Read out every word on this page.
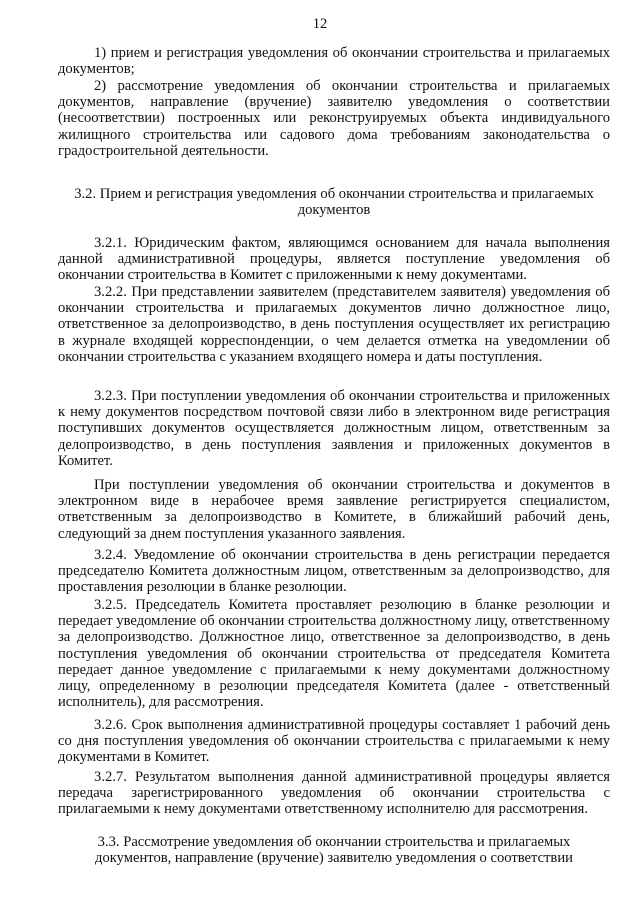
12
1) прием и регистрация уведомления об окончании строительства и прилагаемых документов;
2) рассмотрение уведомления об окончании строительства и прилагаемых документов, направление (вручение) заявителю уведомления о соответствии (несоответствии) построенных или реконструируемых объекта индивидуального жилищного строительства или садового дома требованиям законодательства о градостроительной деятельности.
3.2. Прием и регистрация уведомления об окончании строительства и прилагаемых документов
3.2.1. Юридическим фактом, являющимся основанием для начала выполнения данной административной процедуры, является поступление уведомления об окончании строительства в Комитет с приложенными к нему документами.
3.2.2. При представлении заявителем (представителем заявителя) уведомления об окончании строительства и прилагаемых документов лично должностное лицо, ответственное за делопроизводство, в день поступления осуществляет их регистрацию в журнале входящей корреспонденции, о чем делается отметка на уведомлении об окончании строительства с указанием входящего номера и даты поступления.
3.2.3. При поступлении уведомления об окончании строительства и приложенных к нему документов посредством почтовой связи либо в электронном виде регистрация поступивших документов осуществляется должностным лицом, ответственным за делопроизводство, в день поступления заявления и приложенных документов в Комитет.
При поступлении уведомления об окончании строительства и документов в электронном виде в нерабочее время заявление регистрируется специалистом, ответственным за делопроизводство в Комитете, в ближайший рабочий день, следующий за днем поступления указанного заявления.
3.2.4. Уведомление об окончании строительства в день регистрации передается председателю Комитета должностным лицом, ответственным за делопроизводство, для проставления резолюции в бланке резолюции.
3.2.5. Председатель Комитета проставляет резолюцию в бланке резолюции и передает уведомление об окончании строительства должностному лицу, ответственному за делопроизводство. Должностное лицо, ответственное за делопроизводство, в день поступления уведомления об окончании строительства от председателя Комитета передает данное уведомление с прилагаемыми к нему документами должностному лицу, определенному в резолюции председателя Комитета (далее - ответственный исполнитель), для рассмотрения.
3.2.6. Срок выполнения административной процедуры составляет 1 рабочий день со дня поступления уведомления об окончании строительства с прилагаемыми к нему документами в Комитет.
3.2.7. Результатом выполнения данной административной процедуры является передача зарегистрированного уведомления об окончании строительства с прилагаемыми к нему документами ответственному исполнителю для рассмотрения.
3.3. Рассмотрение уведомления об окончании строительства и прилагаемых документов, направление (вручение) заявителю уведомления о соответствии
